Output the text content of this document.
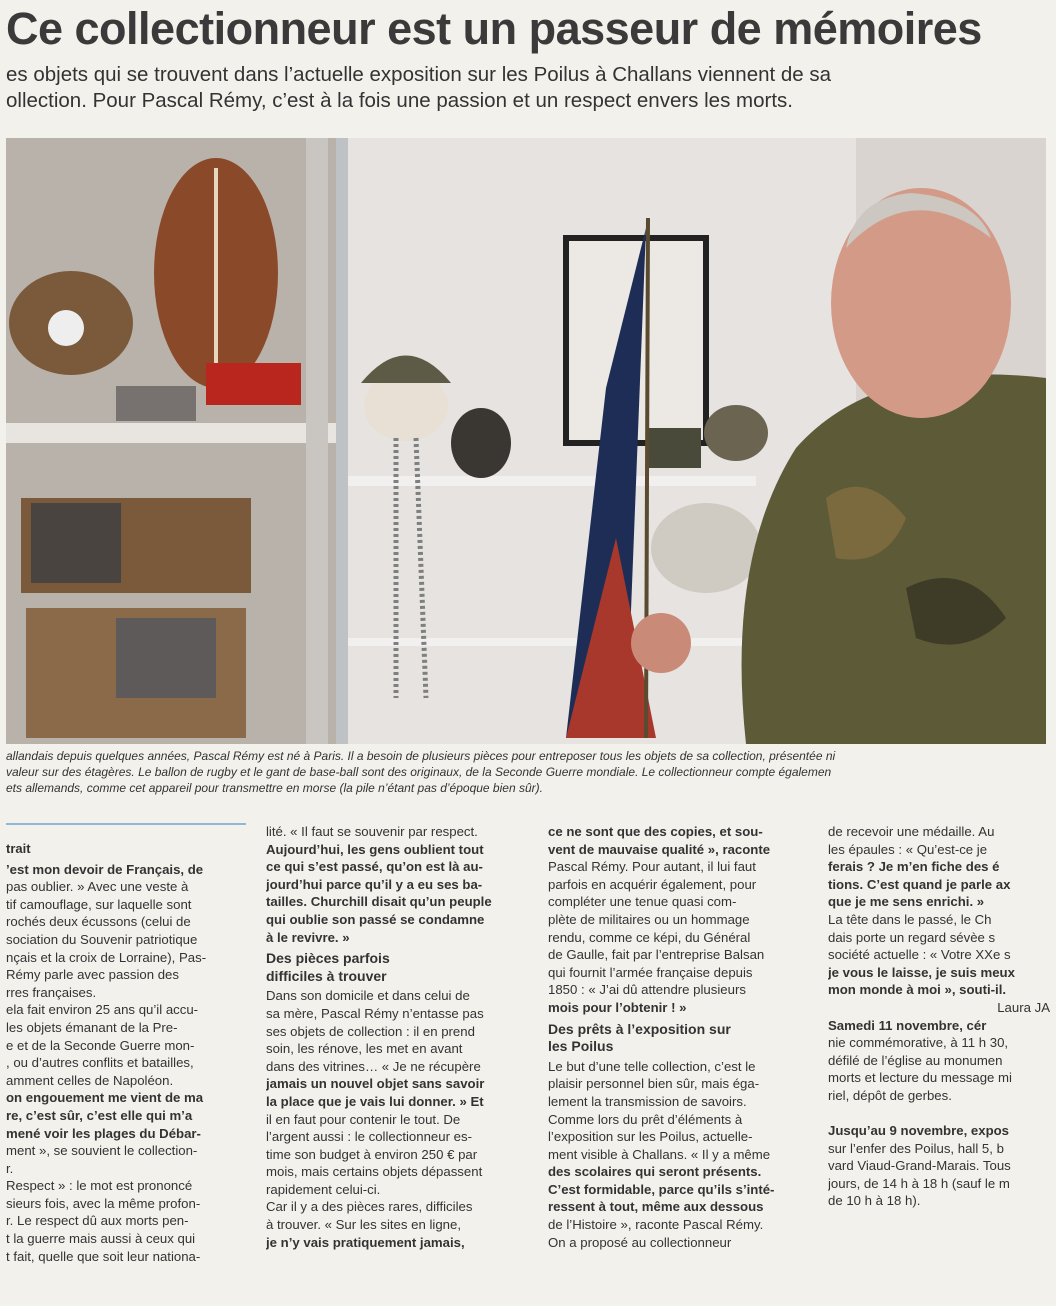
Ce collectionneur est un passeur de mémoires
es objets qui se trouvent dans l’actuelle exposition sur les Poilus à Challans viennent de sa
ollection. Pour Pascal Rémy, c’est à la fois une passion et un respect envers les morts.
allandais depuis quelques années, Pascal Rémy est né à Paris. Il a besoin de plusieurs pièces pour entreposer tous les objets de sa collection, présentée ni
valeur sur des étagères. Le ballon de rugby et le gant de base-ball sont des originaux, de la Seconde Guerre mondiale. Le collectionneur compte égalemen
ets allemands, comme cet appareil pour transmettre en morse (la pile n’étant pas d’époque bien sûr).
trait
’est mon devoir de Français, de
pas oublier. » Avec une veste à
tif camouflage, sur laquelle sont
rochés deux écussons (celui de
sociation du Souvenir patriotique
nçais et la croix de Lorraine), Pas-
Rémy parle avec passion des
rres françaises.
ela fait environ 25 ans qu’il accu-
les objets émanant de la Pre-
e et de la Seconde Guerre mon-
, ou d’autres conflits et batailles,
amment celles de Napoléon.
on engouement me vient de ma
re, c’est sûr, c’est elle qui m’a
mené voir les plages du Débar-
ment », se souvient le collection-
r.
Respect » : le mot est prononcé
sieurs fois, avec la même profon-
r. Le respect dû aux morts pen-
t la guerre mais aussi à ceux qui
t fait, quelle que soit leur nationa-
lité. « Il faut se souvenir par respect.
Aujourd’hui, les gens oublient tout
ce qui s’est passé, qu’on est là au-
jourd’hui parce qu’il y a eu ses ba-
tailles. Churchill disait qu’un peuple
qui oublie son passé se condamne
à le revivre. »
Des pièces parfois
difficiles à trouver
Dans son domicile et dans celui de
sa mère, Pascal Rémy n’entasse pas
ses objets de collection : il en prend
soin, les rénove, les met en avant
dans des vitrines… « Je ne récupère
jamais un nouvel objet sans savoir
la place que je vais lui donner. » Et
il en faut pour contenir le tout. De
l’argent aussi : le collectionneur es-
time son budget à environ 250 € par
mois, mais certains objets dépassent
rapidement celui-ci.
Car il y a des pièces rares, difficiles
à trouver. « Sur les sites en ligne,
je n’y vais pratiquement jamais,
ce ne sont que des copies, et sou-
vent de mauvaise qualité », raconte
Pascal Rémy. Pour autant, il lui faut
parfois en acquérir également, pour
compléter une tenue quasi com-
plète de militaires ou un hommage
rendu, comme ce képi, du Général
de Gaulle, fait par l’entreprise Balsan
qui fournit l’armée française depuis
1850 : « J’ai dû attendre plusieurs
mois pour l’obtenir ! »
Des prêts à l’exposition sur
les Poilus
Le but d’une telle collection, c’est le
plaisir personnel bien sûr, mais éga-
lement la transmission de savoirs.
Comme lors du prêt d’éléments à
l’exposition sur les Poilus, actuelle-
ment visible à Challans. « Il y a même
des scolaires qui seront présents.
C’est formidable, parce qu’ils s’inté-
ressent à tout, même aux dessous
de l’Histoire », raconte Pascal Rémy.
On a proposé au collectionneur
de recevoir une médaille. Au
les épaules : « Qu’est-ce je
ferais ? Je m’en fiche des é
tions. C’est quand je parle ax
que je me sens enrichi. »
La tête dans le passé, le Ch
dais porte un regard sévèe s
société actuelle : « Votre XXe s
je vous le laisse, je suis meux
mon monde à moi », souti-il.
Laura JA
Samedi 11 novembre, cér
nie commémorative, à 11 h 30,
défilé de l’église au monumen
morts et lecture du message mi
riel, dépôt de gerbes.

Jusqu’au 9 novembre, expos
sur l’enfer des Poilus, hall 5, b
vard Viaud-Grand-Marais. Tous
jours, de 14 h à 18 h (sauf le m
de 10 h à 18 h).
